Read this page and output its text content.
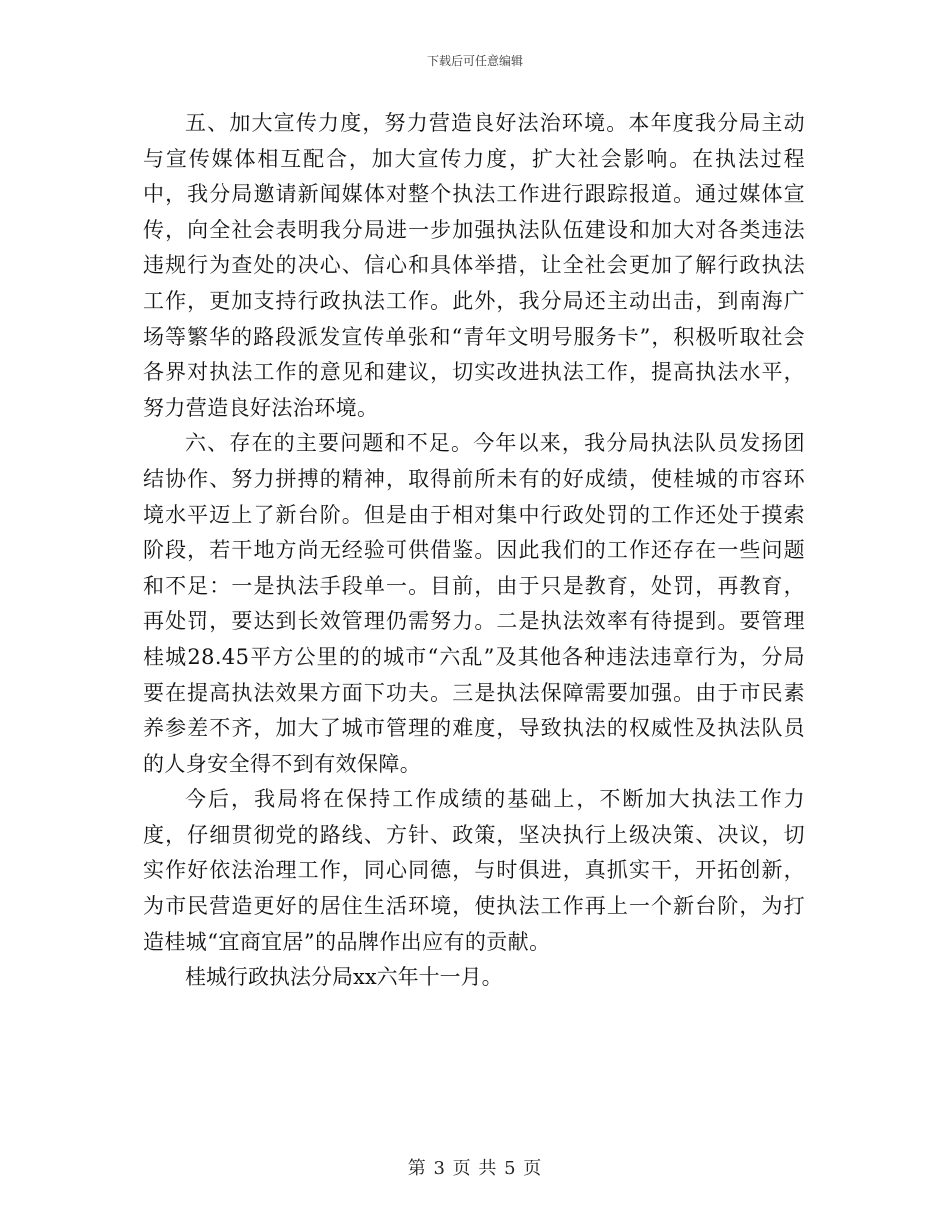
下载后可任意编辑

五、加大宣传力度，努力营造良好法治环境。本年度我分局主动与宣传媒体相互配合，加大宣传力度，扩大社会影响。在执法过程中，我分局邀请新闻媒体对整个执法工作进行跟踪报道。通过媒体宣传，向全社会表明我分局进一步加强执法队伍建设和加大对各类违法违规行为查处的决心、信心和具体举措，让全社会更加了解行政执法工作，更加支持行政执法工作。此外，我分局还主动出击，到南海广场等繁华的路段派发宣传单张和“青年文明号服务卡”，积极听取社会各界对执法工作的意见和建议，切实改进执法工作，提高执法水平，努力营造良好法治环境。

六、存在的主要问题和不足。今年以来，我分局执法队员发扬团结协作、努力拼搏的精神，取得前所未有的好成绩，使桂城的市容环境水平迈上了新台阶。但是由于相对集中行政处罚的工作还处于摸索阶段，若干地方尚无经验可供借鉴。因此我们的工作还存在一些问题和不足：一是执法手段单一。目前，由于只是教育，处罚，再教育，再处罚，要达到长效管理仍需努力。二是执法效率有待提到。要管理桂城28.45平方公里的的城市“六乱”及其他各种违法违章行为，分局要在提高执法效果方面下功夫。三是执法保障需要加强。由于市民素养参差不齐，加大了城市管理的难度，导致执法的权威性及执法队员的人身安全得不到有效保障。

今后，我局将在保持工作成绩的基础上，不断加大执法工作力度，仔细贯彻党的路线、方针、政策，坚决执行上级决策、决议，切实作好依法治理工作，同心同德，与时俱进，真抓实干，开拓创新，为市民营造更好的居住生活环境，使执法工作再上一个新台阶，为打造桂城“宜商宜居”的品牌作出应有的贡献。

桂城行政执法分局xx六年十一月。

第 3 页 共 5 页
